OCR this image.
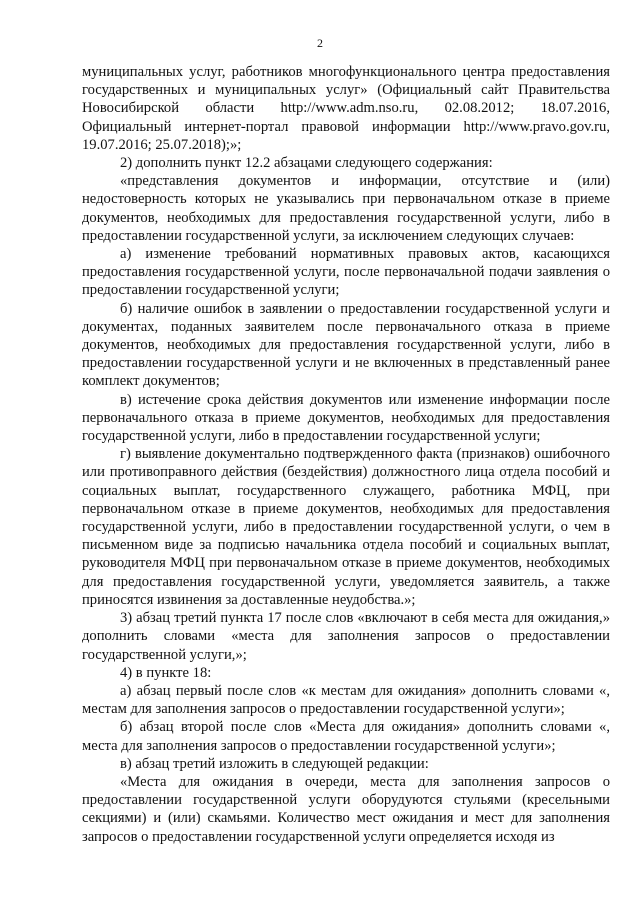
2

муниципальных услуг, работников многофункционального центра предоставления государственных и муниципальных услуг» (Официальный сайт Правительства Новосибирской области http://www.adm.nso.ru, 02.08.2012; 18.07.2016, Официальный интернет-портал правовой информации http://www.pravo.gov.ru, 19.07.2016; 25.07.2018);»;

2) дополнить пункт 12.2 абзацами следующего содержания:

«представления документов и информации, отсутствие и (или) недостоверность которых не указывались при первоначальном отказе в приеме документов, необходимых для предоставления государственной услуги, либо в предоставлении государственной услуги, за исключением следующих случаев:

а) изменение требований нормативных правовых актов, касающихся предоставления государственной услуги, после первоначальной подачи заявления о предоставлении государственной услуги;

б) наличие ошибок в заявлении о предоставлении государственной услуги и документах, поданных заявителем после первоначального отказа в приеме документов, необходимых для предоставления государственной услуги, либо в предоставлении государственной услуги и не включенных в представленный ранее комплект документов;

в) истечение срока действия документов или изменение информации после первоначального отказа в приеме документов, необходимых для предоставления государственной услуги, либо в предоставлении государственной услуги;

г) выявление документально подтвержденного факта (признаков) ошибочного или противоправного действия (бездействия) должностного лица отдела пособий и социальных выплат, государственного служащего, работника МФЦ, при первоначальном отказе в приеме документов, необходимых для предоставления государственной услуги, либо в предоставлении государственной услуги, о чем в письменном виде за подписью начальника отдела пособий и социальных выплат, руководителя МФЦ при первоначальном отказе в приеме документов, необходимых для предоставления государственной услуги, уведомляется заявитель, а также приносятся извинения за доставленные неудобства.»;

3) абзац третий пункта 17 после слов «включают в себя места для ожидания,» дополнить словами «места для заполнения запросов о предоставлении государственной услуги,»;

4) в пункте 18:

а) абзац первый после слов «к местам для ожидания» дополнить словами «, местам для заполнения запросов о предоставлении государственной услуги»;

б) абзац второй после слов «Места для ожидания» дополнить словами «, места для заполнения запросов о предоставлении государственной услуги»;

в) абзац третий изложить в следующей редакции:

«Места для ожидания в очереди, места для заполнения запросов о предоставлении государственной услуги оборудуются стульями (кресельными секциями) и (или) скамьями. Количество мест ожидания и мест для заполнения запросов о предоставлении государственной услуги определяется исходя из
